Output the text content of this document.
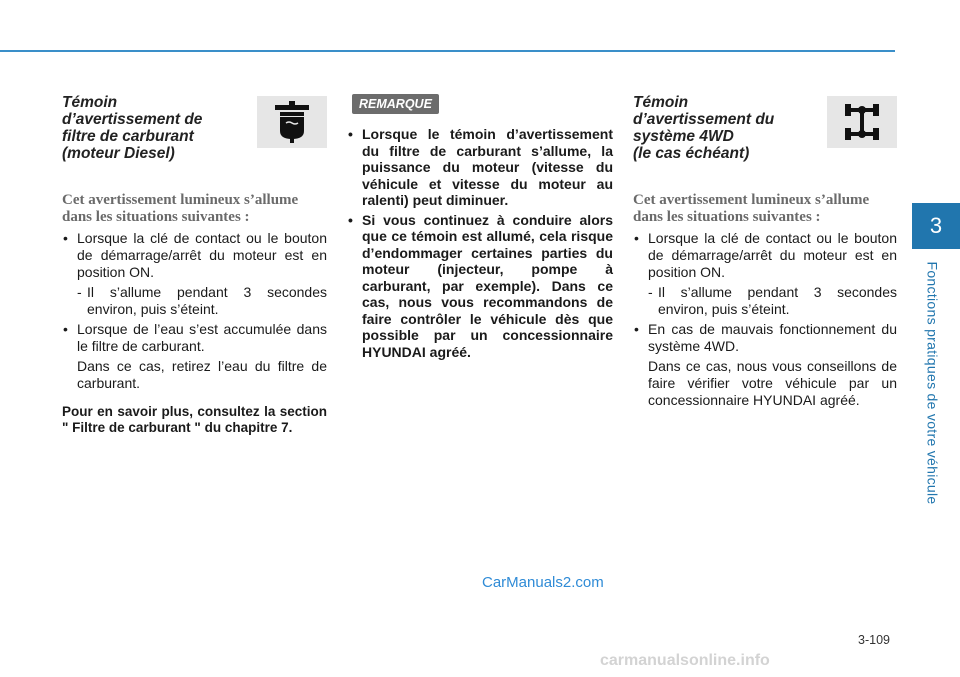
3
Fonctions pratiques de votre véhicule
Témoin
d’avertissement de
filtre de carburant
(moteur Diesel)

Cet avertissement lumineux s’allume dans les situations suivantes :

• Lorsque la clé de contact ou le bouton de démarrage/arrêt du moteur est en position ON.
- Il s’allume pendant 3 secondes environ, puis s’éteint.
• Lorsque de l’eau s’est accumulée dans le filtre de carburant.
Dans ce cas, retirez l’eau du filtre de carburant.

Pour en savoir plus, consultez la section " Filtre de carburant " du chapitre 7.

REMARQUE
• Lorsque le témoin d’avertissement du filtre de carburant s’allume, la puissance du moteur (vitesse du véhicule et vitesse du moteur au ralenti) peut diminuer.
• Si vous continuez à conduire alors que ce témoin est allumé, cela risque d’endommager certaines parties du moteur (injecteur, pompe à carburant, par exemple). Dans ce cas, nous vous recommandons de faire contrôler le véhicule dès que possible par un concessionnaire HYUNDAI agréé.
Témoin
d’avertissement du
système 4WD
(le cas échéant)

Cet avertissement lumineux s’allume dans les situations suivantes :

• Lorsque la clé de contact ou le bouton de démarrage/arrêt du moteur est en position ON.
- Il s’allume pendant 3 secondes environ, puis s’éteint.
• En cas de mauvais fonctionnement du système 4WD.
Dans ce cas, nous vous conseillons de faire vérifier votre véhicule par un concessionnaire HYUNDAI agréé.
CarManuals2.com
3-109
carmanualsonline.info
